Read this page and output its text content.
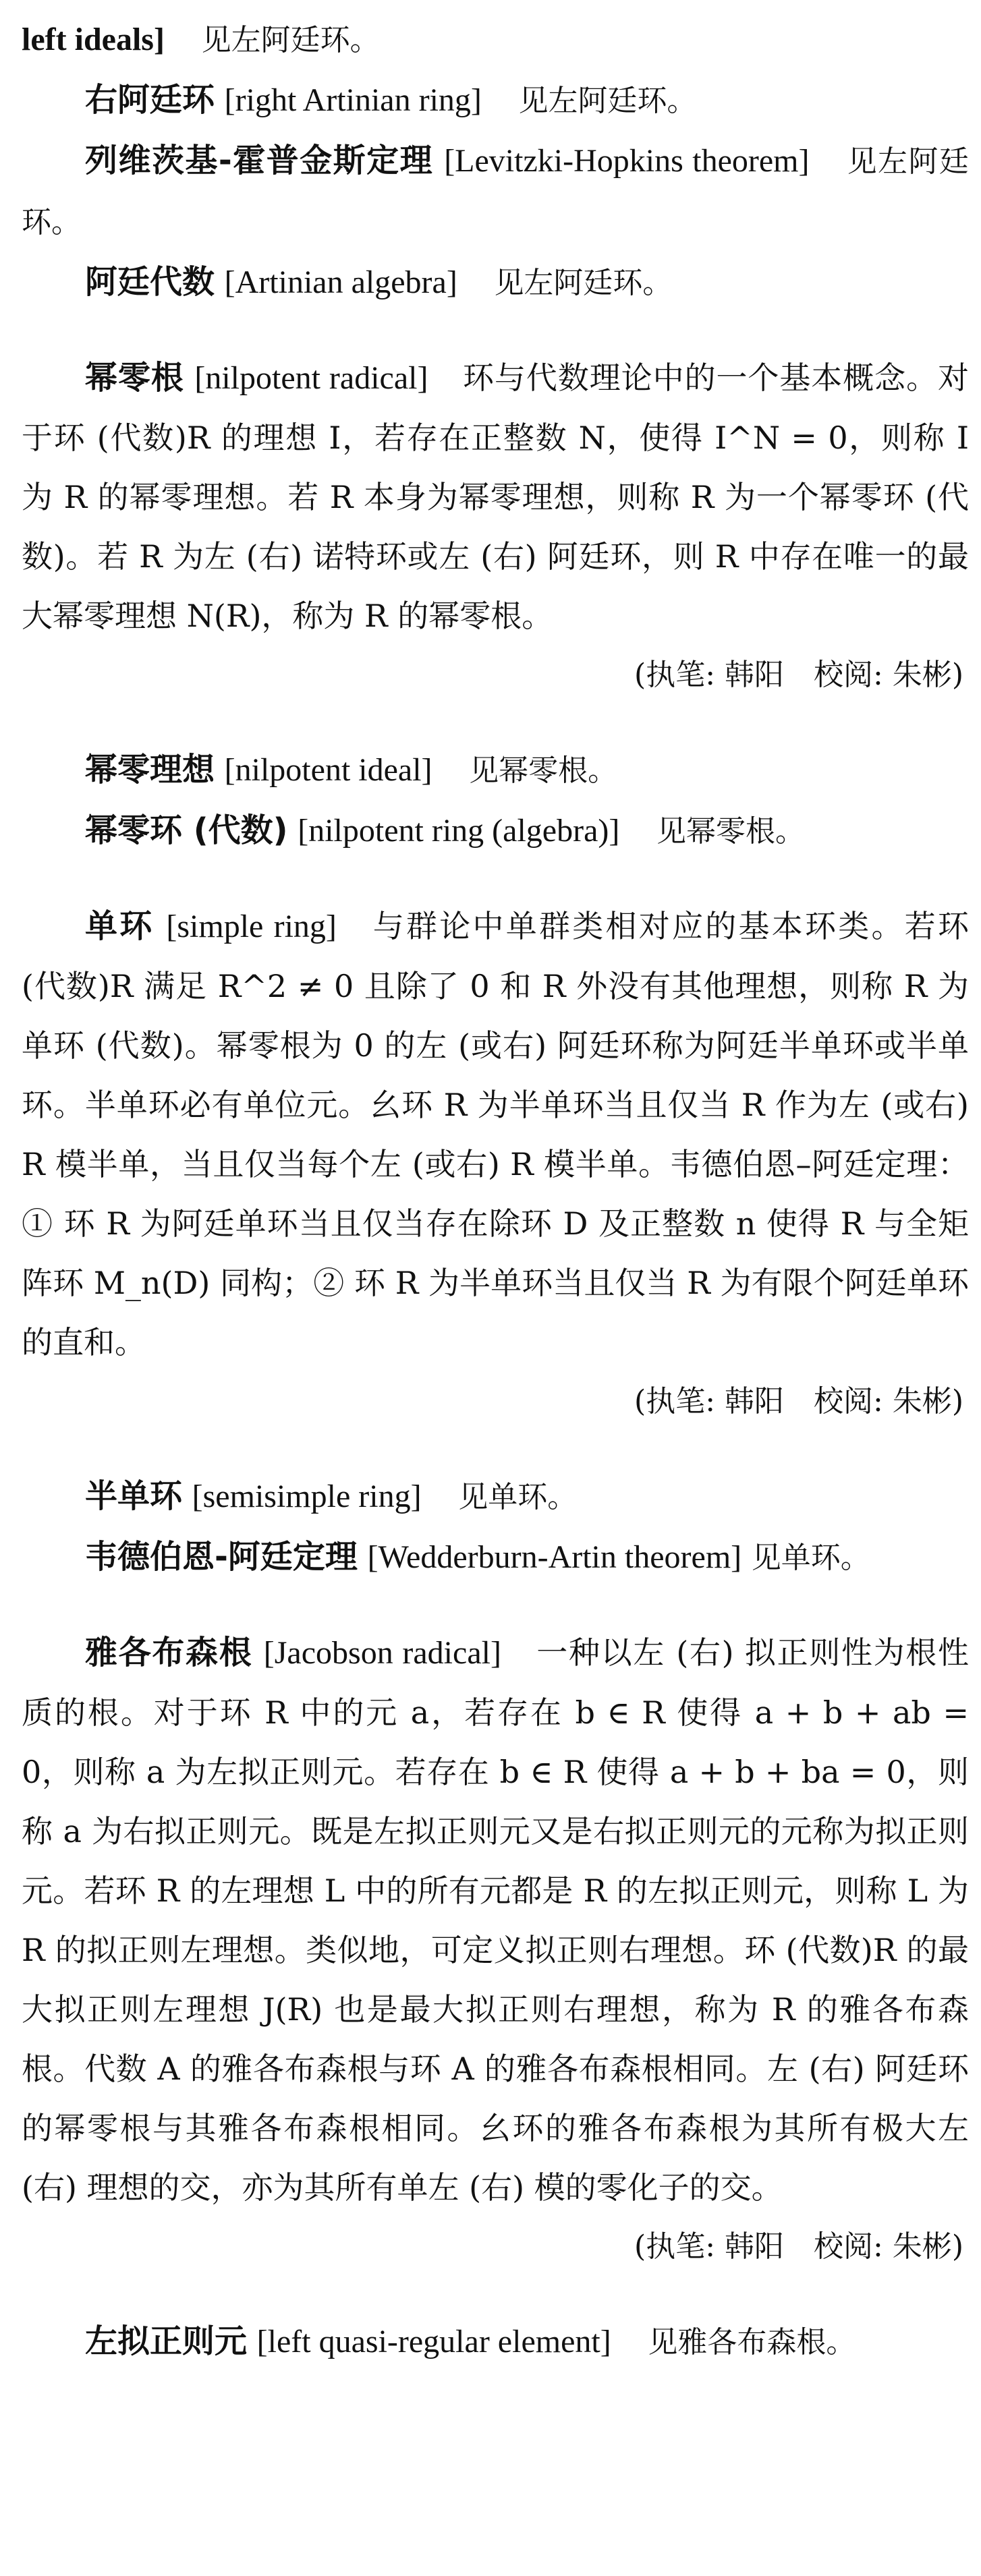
left ideals] 见左阿廷环。

右阿廷环 [right Artinian ring] 见左阿廷环。

列维茨基-霍普金斯定理 [Levitzki-Hopkins theorem] 见左阿廷环。

阿廷代数 [Artinian algebra] 见左阿廷环。

幂零根 [nilpotent radical] 环与代数理论中的一个基本概念。对于环 (代数)R 的理想 I，若存在正整数 N，使得 I^N = 0，则称 I 为 R 的幂零理想。若 R 本身为幂零理想，则称 R 为一个幂零环 (代数)。若 R 为左 (右) 诺特环或左 (右) 阿廷环，则 R 中存在唯一的最大幂零理想 N(R)，称为 R 的幂零根。

(执笔: 韩阳　校阅: 朱彬)

幂零理想 [nilpotent ideal] 见幂零根。

幂零环 (代数) [nilpotent ring (algebra)] 见幂零根。

单环 [simple ring] 与群论中单群类相对应的基本环类。若环 (代数)R 满足 R^2 ≠ 0 且除了 0 和 R 外没有其他理想，则称 R 为单环 (代数)。幂零根为 0 的左 (或右) 阿廷环称为阿廷半单环或半单环。半单环必有单位元。幺环 R 为半单环当且仅当 R 作为左 (或右) R 模半单，当且仅当每个左 (或右) R 模半单。韦德伯恩–阿廷定理：① 环 R 为阿廷单环当且仅当存在除环 D 及正整数 n 使得 R 与全矩阵环 M_n(D) 同构；② 环 R 为半单环当且仅当 R 为有限个阿廷单环的直和。

(执笔: 韩阳　校阅: 朱彬)

半单环 [semisimple ring] 见单环。

韦德伯恩-阿廷定理 [Wedderburn-Artin theorem] 见单环。

雅各布森根 [Jacobson radical] 一种以左 (右) 拟正则性为根性质的根。对于环 R 中的元 a，若存在 b ∈ R 使得 a + b + ab = 0，则称 a 为左拟正则元。若存在 b ∈ R 使得 a + b + ba = 0，则称 a 为右拟正则元。既是左拟正则元又是右拟正则元的元称为拟正则元。若环 R 的左理想 L 中的所有元都是 R 的左拟正则元，则称 L 为 R 的拟正则左理想。类似地，可定义拟正则右理想。环 (代数)R 的最大拟正则左理想 J(R) 也是最大拟正则右理想，称为 R 的雅各布森根。代数 A 的雅各布森根与环 A 的雅各布森根相同。左 (右) 阿廷环的幂零根与其雅各布森根相同。幺环的雅各布森根为其所有极大左 (右) 理想的交，亦为其所有单左 (右) 模的零化子的交。

(执笔: 韩阳　校阅: 朱彬)

左拟正则元 [left quasi-regular element] 见雅各布森根。
